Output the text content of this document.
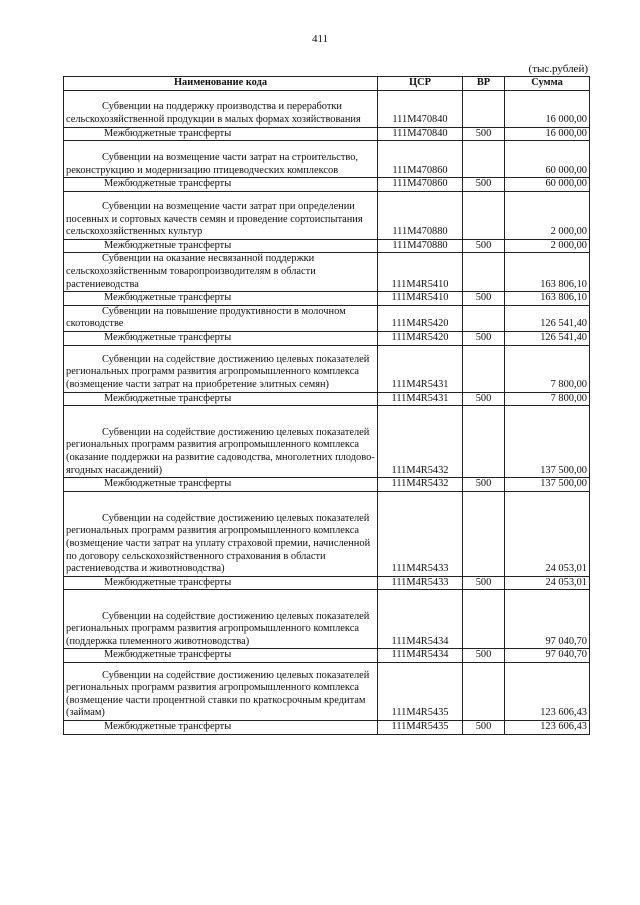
411
(тыс.рублей)
Наименование кода	ЦСР	ВР	Сумма
Субвенции на поддержку производства и переработки сельскохозяйственной продукции в малых формах хозяйствования	111М470840		16 000,00
Межбюджетные трансферты	111М470840	500	16 000,00
Субвенции на возмещение части затрат на строительство, реконструкцию и модернизацию птицеводческих комплексов	111М470860		60 000,00
Межбюджетные трансферты	111М470860	500	60 000,00
Субвенции на возмещение части затрат при определении посевных и сортовых качеств семян и проведение сортоиспытания сельскохозяйственных культур	111М470880		2 000,00
Межбюджетные трансферты	111М470880	500	2 000,00
Субвенции на оказание несвязанной поддержки сельскохозяйственным товаропроизводителям в области растениеводства	111М4R5410		163 806,10
Межбюджетные трансферты	111М4R5410	500	163 806,10
Субвенции на повышение продуктивности в молочном скотоводстве	111М4R5420		126 541,40
Межбюджетные трансферты	111М4R5420	500	126 541,40
Субвенции на содействие достижению целевых показателей региональных программ развития агропромышленного комплекса (возмещение части затрат на приобретение элитных семян)	111М4R5431		7 800,00
Межбюджетные трансферты	111М4R5431	500	7 800,00
Субвенции на содействие достижению целевых показателей региональных программ развития агропромышленного комплекса (оказание поддержки на развитие садоводства, многолетних плодово-ягодных насаждений)	111М4R5432		137 500,00
Межбюджетные трансферты	111М4R5432	500	137 500,00
Субвенции на содействие достижению целевых показателей региональных программ развития агропромышленного комплекса (возмещение части затрат на уплату страховой премии, начисленной по договору сельскохозяйственного страхования в области растениеводства и животноводства)	111М4R5433		24 053,01
Межбюджетные трансферты	111М4R5433	500	24 053,01
Субвенции на содействие достижению целевых показателей региональных программ развития агропромышленного комплекса (поддержка племенного животноводства)	111М4R5434		97 040,70
Межбюджетные трансферты	111М4R5434	500	97 040,70
Субвенции на содействие достижению целевых показателей региональных программ развития агропромышленного комплекса (возмещение части процентной ставки по краткосрочным кредитам (займам)	111М4R5435		123 606,43
Межбюджетные трансферты	111М4R5435	500	123 606,43
